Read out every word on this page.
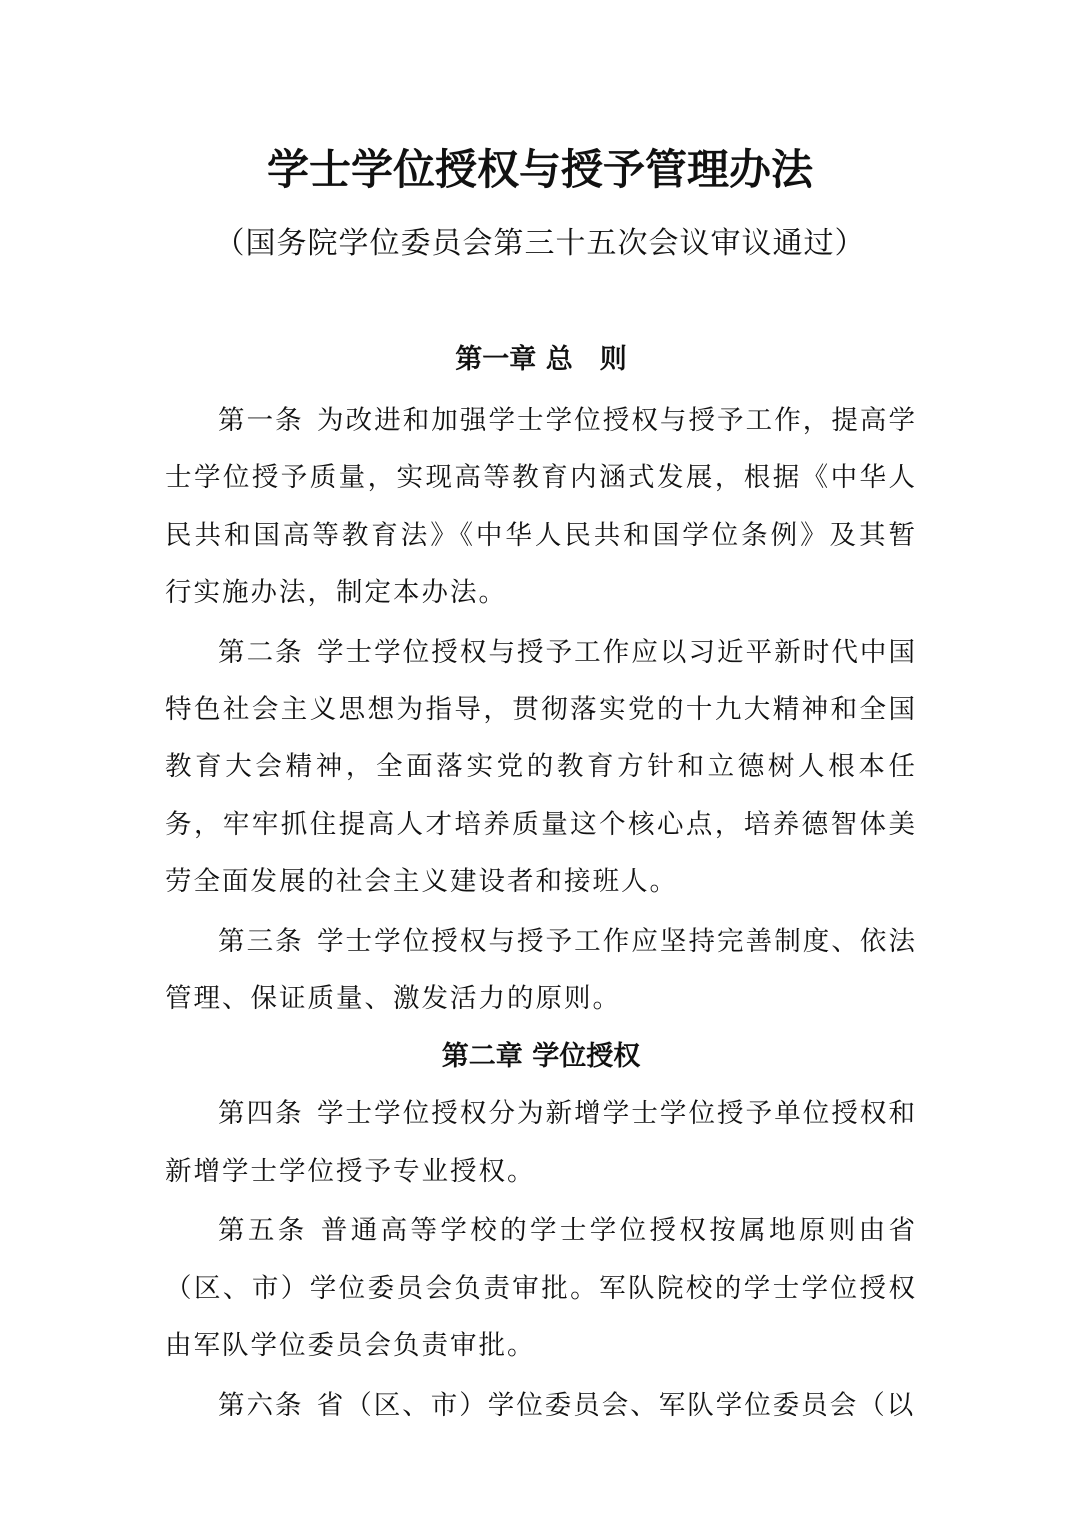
学士学位授权与授予管理办法

（国务院学位委员会第三十五次会议审议通过）

第一章 总　则

第一条 为改进和加强学士学位授权与授予工作，提高学士学位授予质量，实现高等教育内涵式发展，根据《中华人民共和国高等教育法》《中华人民共和国学位条例》及其暂行实施办法，制定本办法。

第二条 学士学位授权与授予工作应以习近平新时代中国特色社会主义思想为指导，贯彻落实党的十九大精神和全国教育大会精神，全面落实党的教育方针和立德树人根本任务，牢牢抓住提高人才培养质量这个核心点，培养德智体美劳全面发展的社会主义建设者和接班人。

第三条 学士学位授权与授予工作应坚持完善制度、依法管理、保证质量、激发活力的原则。

第二章 学位授权

第四条 学士学位授权分为新增学士学位授予单位授权和新增学士学位授予专业授权。

第五条 普通高等学校的学士学位授权按属地原则由省（区、市）学位委员会负责审批。军队院校的学士学位授权由军队学位委员会负责审批。

第六条 省（区、市）学位委员会、军队学位委员会（以
